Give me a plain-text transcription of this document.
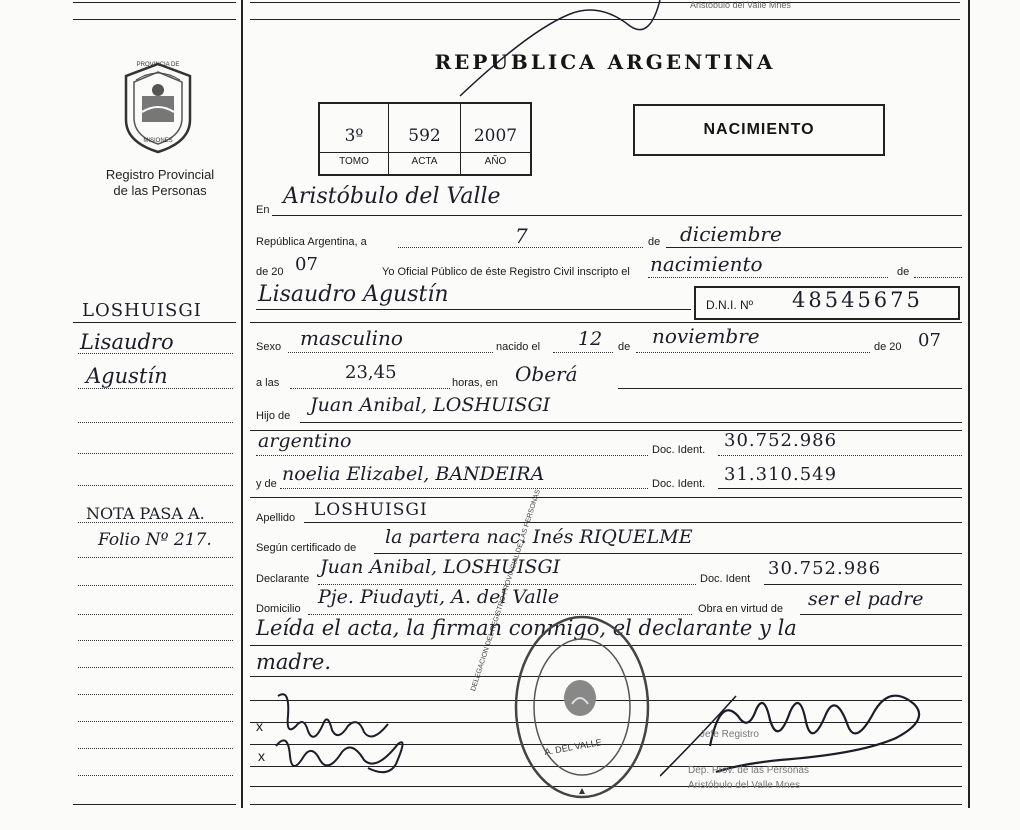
PROVINCIA DE
MISIONES
Registro Provincial
de las Personas
LOSHUISGI
Lisaudro
Agustín
NOTA PASA A.
Folio Nº 217.
Aristobulo del Valle Mnes
REPUBLICA ARGENTINA
3º	592	2007
TOMO	ACTA	AÑO
NACIMIENTO
En
Aristóbulo del Valle
República Argentina, a	7	de diciembre
de 20 07	Yo Oficial Público de éste Registro Civil inscripto el nacimiento	de
Lisaudro Agustín	D.N.I. Nº 48545675
Sexo masculino	nacido el 12 de noviembre	de 20 07
a las	23,45	horas, en Oberá
Hijo de Juan Anibal, LOSHUISGI
argentino	Doc. Ident. 30.752.986
y de noelia Elizabel, BANDEIRA	Doc. Ident. 31.310.549
Apellido LOSHUISGI
Según certificado de la partera nac. Inés RIQUELME
Declarante
Juan Anibal, LOSHUISGI
Doc. Ident 30.752.986
Domicilio
Pje. Piudayti, A. del Valle
Obra en virtud de ser el padre
Leída el acta, la firman conmigo, el declarante y la
madre.
x
x
Jefe Registro
Dep. Prov. de las Personas
Aristóbulo del Valle Mnes
A. DEL VALLE
DELEGACION DEL REGISTRO PROVINCIAL DE LAS PERSONAS
